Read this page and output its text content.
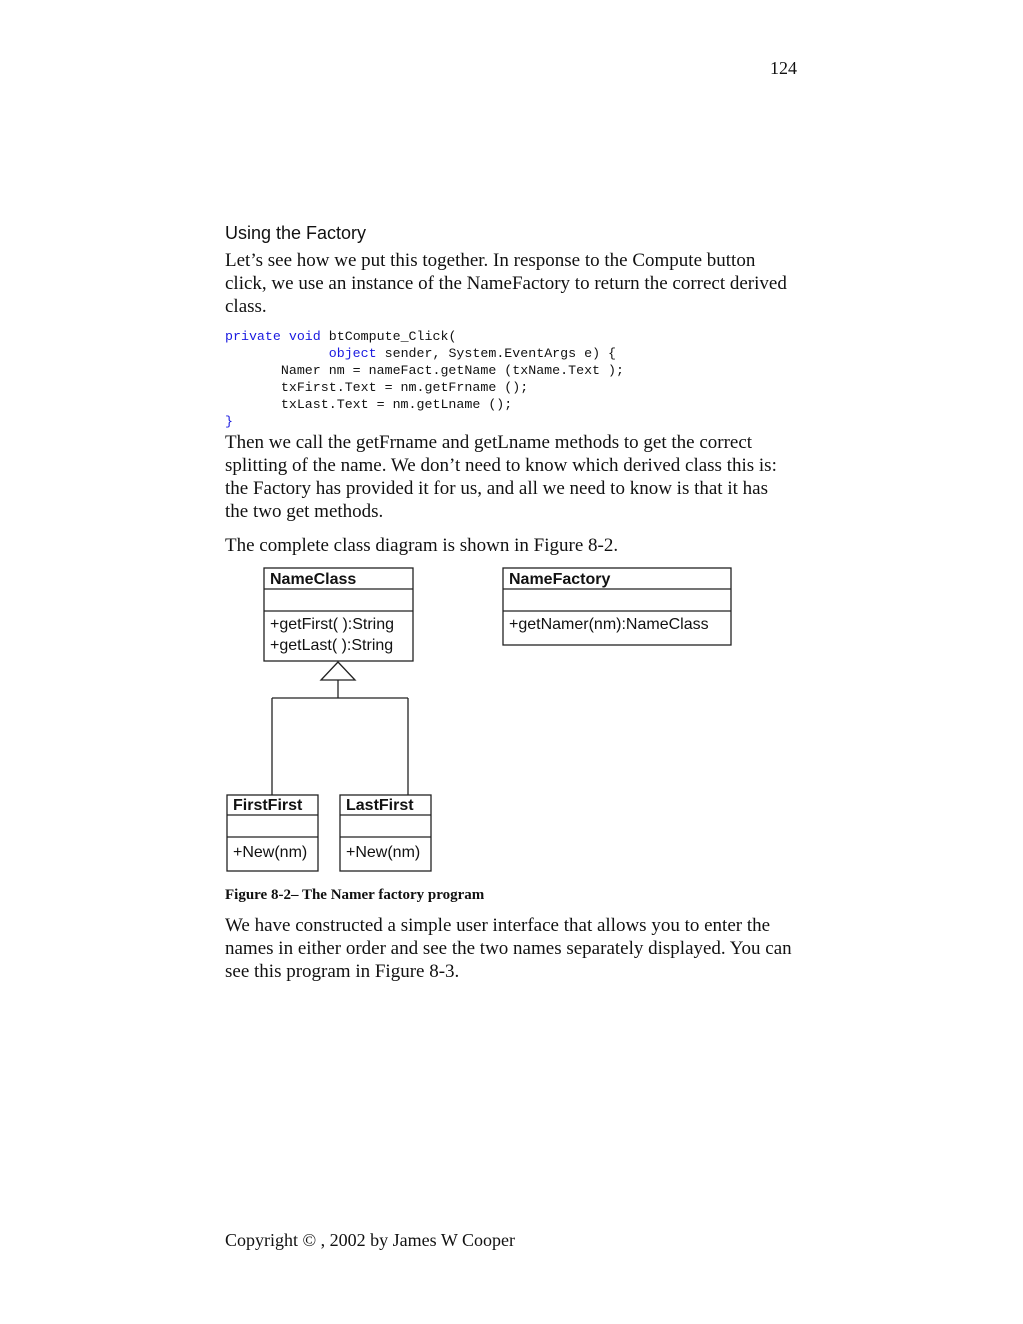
124
Using the Factory

Let’s see how we put this together. In response to the Compute button click, we use an instance of the NameFactory to return the correct derived class.

private void btCompute_Click(
object sender, System.EventArgs e) {
Namer nm = nameFact.getName (txName.Text );
txFirst.Text = nm.getFrname ();
txLast.Text = nm.getLname ();
}

Then we call the getFrname and getLname methods to get the correct splitting of the name. We don’t need to know which derived class this is: the Factory has provided it for us, and all we need to know is that it has the two get methods.

The complete class diagram is shown in Figure 8-2.

NameClass
+getFirst( ):String
+getLast( ):String
FirstFirst
+New(nm)
LastFirst
+New(nm)
NameFactory
+getNamer(nm):NameClass
Figure 8-2– The Namer factory program

We have constructed a simple user interface that allows you to enter the names in either order and see the two names separately displayed. You can see this program in Figure 8-3.

Copyright © , 2002 by James W Cooper
